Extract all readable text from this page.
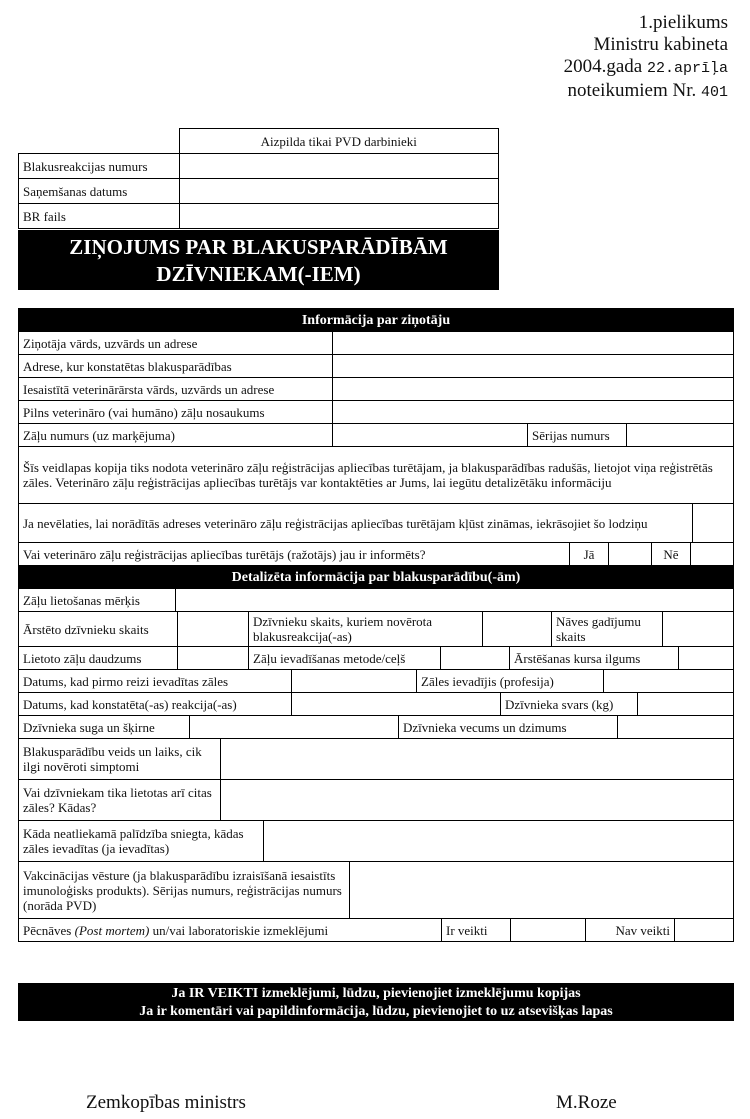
1.pielikums
Ministru kabineta
2004.gada 22.aprīļa
noteikumiem Nr. 401
	Aizpilda tikai PVD darbinieki
Blakusreakcijas numurs	
Saņemšanas datums	
BR fails	
ZIŅOJUMS PAR BLAKUSPARĀDĪBĀM
DZĪVNIEKAM(-IEM)
Informācija par ziņotāju			
Ziņotāja vārds, uzvārds un adrese			
Adrese, kur konstatētas blakusparādības			
Iesaistītā veterinārārsta vārds, uzvārds un adrese			
Pilns veterināro (vai humāno) zāļu nosaukums			
Zāļu numurs (uz marķējuma)		Sērijas numurs	
Šīs veidlapas kopija tiks nodota veterināro zāļu reģistrācijas apliecības turētājam, ja blakusparādības radušās, lietojot viņa reģistrētās zāles. Veterināro zāļu reģistrācijas apliecības turētājs var kontaktēties ar Jums, lai iegūtu detalizētāku informāciju			
Ja nevēlaties, lai norādītās adreses veterināro zāļu reģistrācijas apliecības turētājam kļūst zināmas, iekrāsojiet šo lodziņu	
Vai veterināro zāļu reģistrācijas apliecības turētājs (ražotājs) jau ir informēts?	Jā		Nē	
Detalizēta informācija par blakusparādību(-ām)
Zāļu lietošanas mērķis	
Ārstēto dzīvnieku skaits		Dzīvnieku skaits, kuriem novērota blakusreakcija(-as)		Nāves gadījumu skaits	
Lietoto zāļu daudzums		Zāļu ievadīšanas metode/ceļš		Ārstēšanas kursa ilgums	
Datums, kad pirmo reizi ievadītas zāles		Zāles ievadījis (profesija)	
Datums, kad konstatēta(-as) reakcija(-as)		Dzīvnieka svars (kg)	
Dzīvnieka suga un šķirne		Dzīvnieka vecums un dzimums	
Blakusparādību veids un laiks, cik ilgi novēroti simptomi	
Vai dzīvniekam tika lietotas arī citas zāles? Kādas?	
Kāda neatliekamā palīdzība sniegta, kādas zāles ievadītas (ja ievadītas)	
Vakcinācijas vēsture (ja blakusparādību izraisīšanā iesaistīts imunoloģisks produkts). Sērijas numurs, reģistrācijas numurs (norāda PVD)	
Pēcnāves (Post mortem) un/vai laboratoriskie izmeklējumi	Ir veikti		Nav veikti	
Ja IR VEIKTI izmeklējumi, lūdzu, pievienojiet izmeklējumu kopijas
Ja ir komentāri vai papildinformācija, lūdzu, pievienojiet to uz atsevišķas lapas
Zemkopības ministrs	M.Roze
